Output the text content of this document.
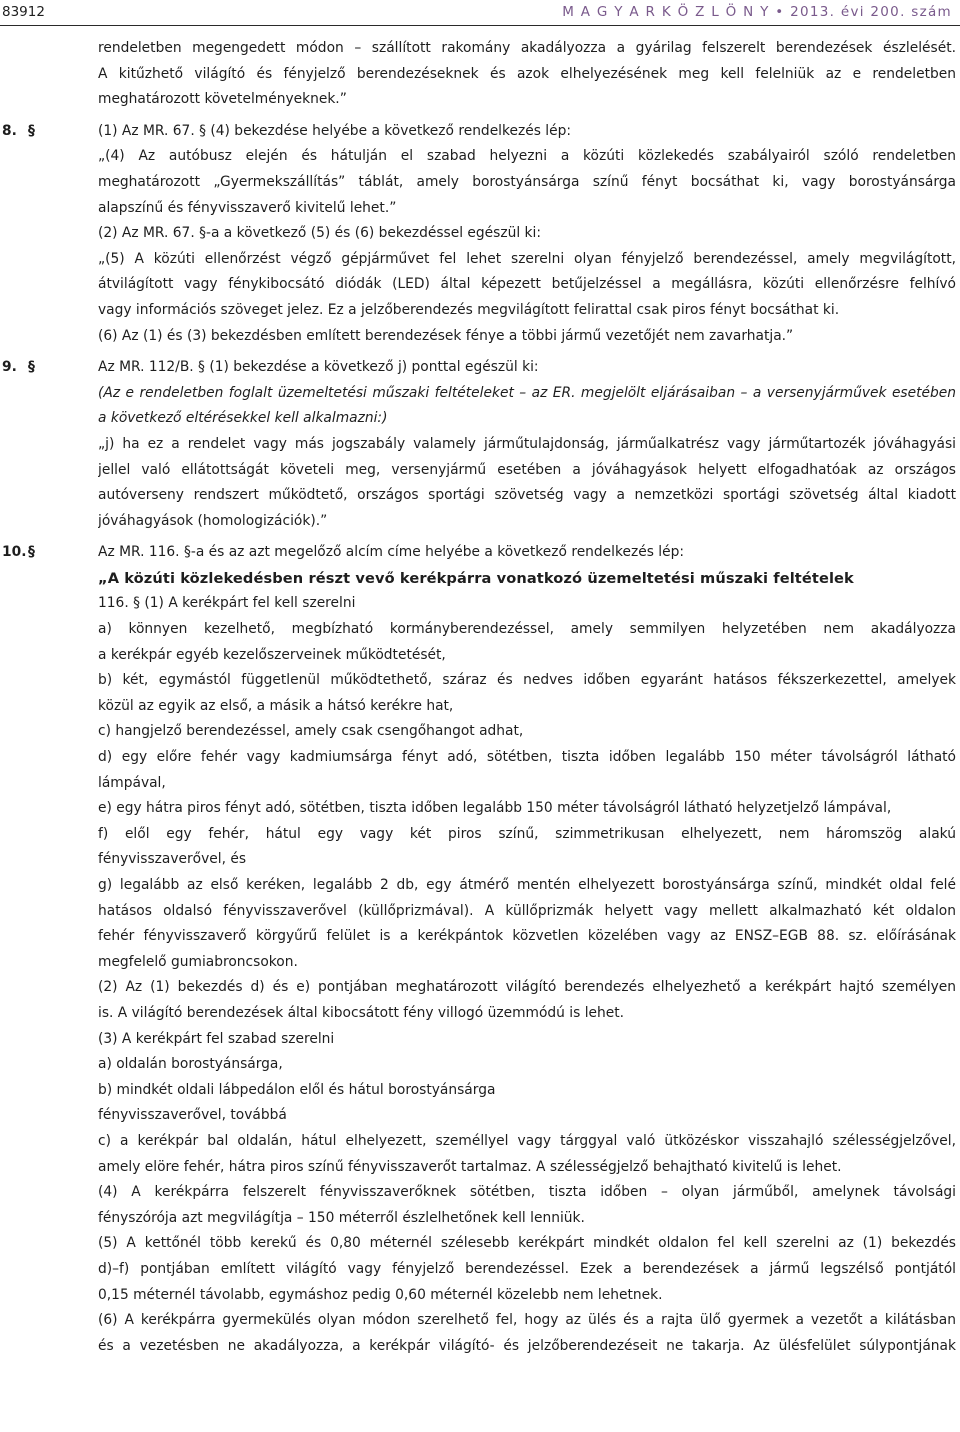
83912	M A G Y A R K Ö Z L Ö N Y • 2013. évi 200. szám
rendeletben megengedett módon – szállított rakomány akadályozza a gyárilag felszerelt berendezések észlelését.
A kitűzhető világító és fényjelző berendezéseknek és azok elhelyezésének meg kell felelniük az e rendeletben
meghatározott követelményeknek.”
8. §	(1) Az MR. 67. § (4) bekezdése helyébe a következő rendelkezés lép:
„(4) Az autóbusz elején és hátulján el szabad helyezni a közúti közlekedés szabályairól szóló rendeletben
meghatározott „Gyermekszállítás” táblát, amely borostyánsárga színű fényt bocsáthat ki, vagy borostyánsárga
alapszínű és fényvisszaverő kivitelű lehet.”
(2) Az MR. 67. §-a a következő (5) és (6) bekezdéssel egészül ki:
„(5) A közúti ellenőrzést végző gépjárművet fel lehet szerelni olyan fényjelző berendezéssel, amely megvilágított,
átvilágított vagy fénykibocsátó diódák (LED) által képezett betűjelzéssel a megállásra, közúti ellenőrzésre felhívó
vagy információs szöveget jelez. Ez a jelzőberendezés megvilágított felirattal csak piros fényt bocsáthat ki.
(6) Az (1) és (3) bekezdésben említett berendezések fénye a többi jármű vezetőjét nem zavarhatja.”
9. §	Az MR. 112/B. § (1) bekezdése a következő j) ponttal egészül ki:
(Az e rendeletben foglalt üzemeltetési műszaki feltételeket – az ER. megjelölt eljárásaiban – a versenyjárművek esetében
a következő eltérésekkel kell alkalmazni:)
„j) ha ez a rendelet vagy más jogszabály valamely járműtulajdonság, járműalkatrész vagy járműtartozék jóváhagyási
jellel való ellátottságát követeli meg, versenyjármű esetében a jóváhagyások helyett elfogadhatóak az országos
autóverseny rendszert működtető, országos sportági szövetség vagy a nemzetközi sportági szövetség által kiadott
jóváhagyások (homologizációk).”
10. §	Az MR. 116. §-a és az azt megelőző alcím címe helyébe a következő rendelkezés lép:
„A közúti közlekedésben részt vevő kerékpárra vonatkozó üzemeltetési műszaki feltételek
116. § (1) A kerékpárt fel kell szerelni
a) könnyen kezelhető, megbízható kormányberendezéssel, amely semmilyen helyzetében nem akadályozza
a kerékpár egyéb kezelőszerveinek működtetését,
b) két, egymástól függetlenül működtethető, száraz és nedves időben egyaránt hatásos fékszerkezettel, amelyek
közül az egyik az első, a másik a hátsó kerékre hat,
c) hangjelző berendezéssel, amely csak csengőhangot adhat,
d) egy előre fehér vagy kadmiumsárga fényt adó, sötétben, tiszta időben legalább 150 méter távolságról látható
lámpával,
e) egy hátra piros fényt adó, sötétben, tiszta időben legalább 150 méter távolságról látható helyzetjelző lámpával,
f) elől egy fehér, hátul egy vagy két piros színű, szimmetrikusan elhelyezett, nem háromszög alakú
fényvisszaverővel, és
g) legalább az első keréken, legalább 2 db, egy átmérő mentén elhelyezett borostyánsárga színű, mindkét oldal felé
hatásos oldalsó fényvisszaverővel (küllőprizmával). A küllőprizmák helyett vagy mellett alkalmazható két oldalon
fehér fényvisszaverő körgyűrű felület is a kerékpántok közvetlen közelében vagy az ENSZ–EGB 88. sz. előírásának
megfelelő gumiabroncsokon.
(2) Az (1) bekezdés d) és e) pontjában meghatározott világító berendezés elhelyezhető a kerékpárt hajtó személyen
is. A világító berendezések által kibocsátott fény villogó üzemmódú is lehet.
(3) A kerékpárt fel szabad szerelni
a) oldalán borostyánsárga,
b) mindkét oldali lábpedálon elől és hátul borostyánsárga
fényvisszaverővel, továbbá
c) a kerékpár bal oldalán, hátul elhelyezett, személlyel vagy tárggyal való ütközéskor visszahajló szélességjelzővel,
amely elöre fehér, hátra piros színű fényvisszaverőt tartalmaz. A szélességjelző behajtható kivitelű is lehet.
(4) A kerékpárra felszerelt fényvisszaverőknek sötétben, tiszta időben – olyan járműből, amelynek távolsági
fényszórója azt megvilágítja – 150 méterről észlelhetőnek kell lenniük.
(5) A kettőnél több kerekű és 0,80 méternél szélesebb kerékpárt mindkét oldalon fel kell szerelni az (1) bekezdés
d)–f) pontjában említett világító vagy fényjelző berendezéssel. Ezek a berendezések a jármű legszélső pontjától
0,15 méternél távolabb, egymáshoz pedig 0,60 méternél közelebb nem lehetnek.
(6) A kerékpárra gyermekülés olyan módon szerelhető fel, hogy az ülés és a rajta ülő gyermek a vezetőt a kilátásban
és a vezetésben ne akadályozza, a kerékpár világító- és jelzőberendezéseit ne takarja. Az ülésfelület súlypontjának
